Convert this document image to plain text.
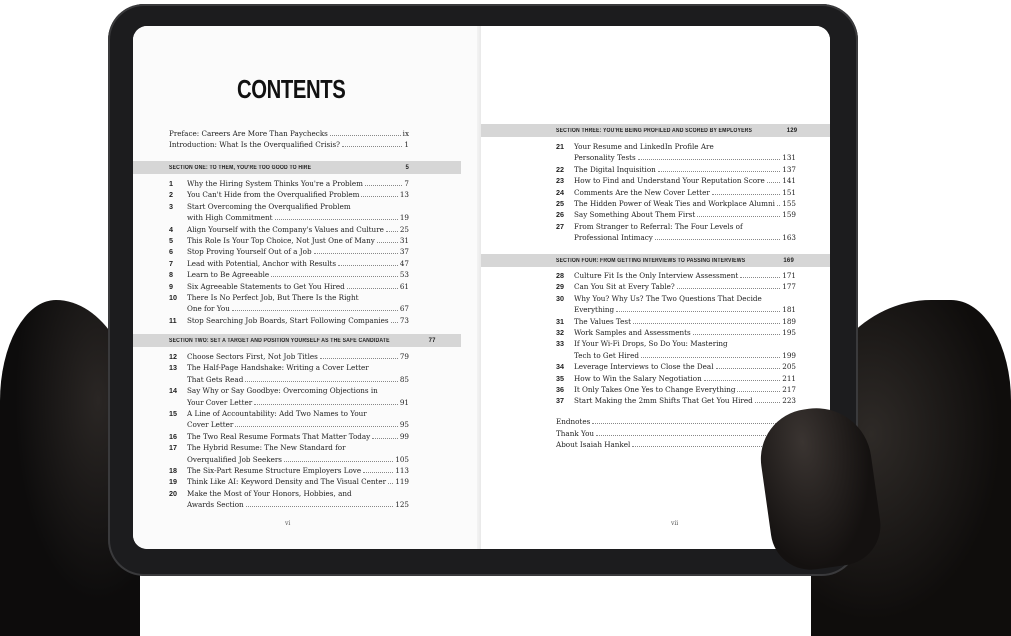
CONTENTS
Preface: Careers Are More Than Paychecks	ix
Introduction: What Is the Overqualified Crisis?	1
SECTION ONE: TO THEM, YOU'RE TOO GOOD TO HIRE	5
1	Why the Hiring System Thinks You're a Problem	7
2	You Can't Hide from the Overqualified Problem	13
3	Start Overcoming the Overqualified Problem
with High Commitment	19
4	Align Yourself with the Company's Values and Culture 25
5	This Role Is Your Top Choice, Not Just One of Many	31
6	Stop Proving Yourself Out of a Job	37
7	Lead with Potential, Anchor with Results	47
8	Learn to Be Agreeable	53
9	Six Agreeable Statements to Get You Hired	61
10	There Is No Perfect Job, But There Is the Right
One for You	67
11	Stop Searching Job Boards, Start Following Companies 73
SECTION TWO: SET A TARGET AND POSITION YOURSELF AS THE SAFE CANDIDATE	77
12	Choose Sectors First, Not Job Titles	79
13	The Half-Page Handshake: Writing a Cover Letter
That Gets Read	85
14	Say Why or Say Goodbye: Overcoming Objections in
Your Cover Letter	91
15	A Line of Accountability: Add Two Names to Your
Cover Letter	95
16	The Two Real Resume Formats That Matter Today	99
17	The Hybrid Resume: The New Standard for
Overqualified Job Seekers	105
18	The Six-Part Resume Structure Employers Love	113
19	Think Like AI: Keyword Density and The Visual Center 119
20	Make the Most of Your Honors, Hobbies, and
Awards Section	125
vi
SECTION THREE: YOU'RE BEING PROFILED AND SCORED BY EMPLOYERS	129
21	Your Resume and LinkedIn Profile Are
Personality Tests	131
22	The Digital Inquisition	137
23	How to Find and Understand Your Reputation Score 141
24	Comments Are the New Cover Letter	151
25	The Hidden Power of Weak Ties and Workplace Alumni 155
26	Say Something About Them First	159
27	From Stranger to Referral: The Four Levels of
Professional Intimacy	163
SECTION FOUR: FROM GETTING INTERVIEWS TO PASSING INTERVIEWS	169
28	Culture Fit Is the Only Interview Assessment	171
29	Can You Sit at Every Table?	177
30	Why You? Why Us? The Two Questions That Decide
Everything	181
31	The Values Test	189
32	Work Samples and Assessments	195
33	If Your Wi-Fi Drops, So Do You: Mastering
Tech to Get Hired	199
34	Leverage Interviews to Close the Deal	205
35	How to Win the Salary Negotiation	211
36	It Only Takes One Yes to Change Everything	217
37	Start Making the 2mm Shifts That Get You Hired	223
Endnotes
Thank You
About Isaiah Hankel
vii
